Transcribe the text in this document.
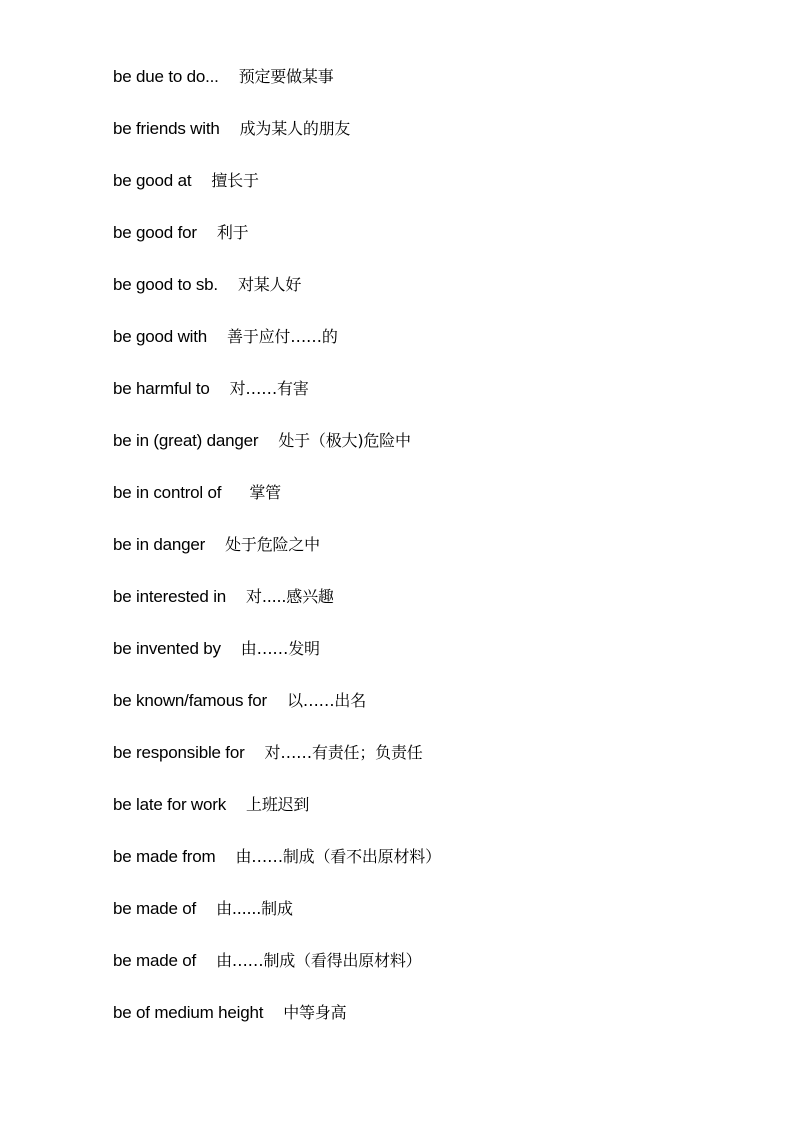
be due to do... 预定要做某事
be friends with 成为某人的朋友
be good at 擅长于
be good for 利于
be good to sb. 对某人好
be good with 善于应付……的
be harmful to 对……有害
be in (great) danger 处于（极大)危险中
be in control of 掌管
be in danger 处于危险之中
be interested in 对.....感兴趣
be invented by 由……发明
be known/famous for 以……出名
be responsible for 对……有责任；负责任
be late for work 上班迟到
be made from 由……制成（看不出原材料）
be made of 由......制成
be made of 由……制成（看得出原材料）
be of medium height 中等身高
